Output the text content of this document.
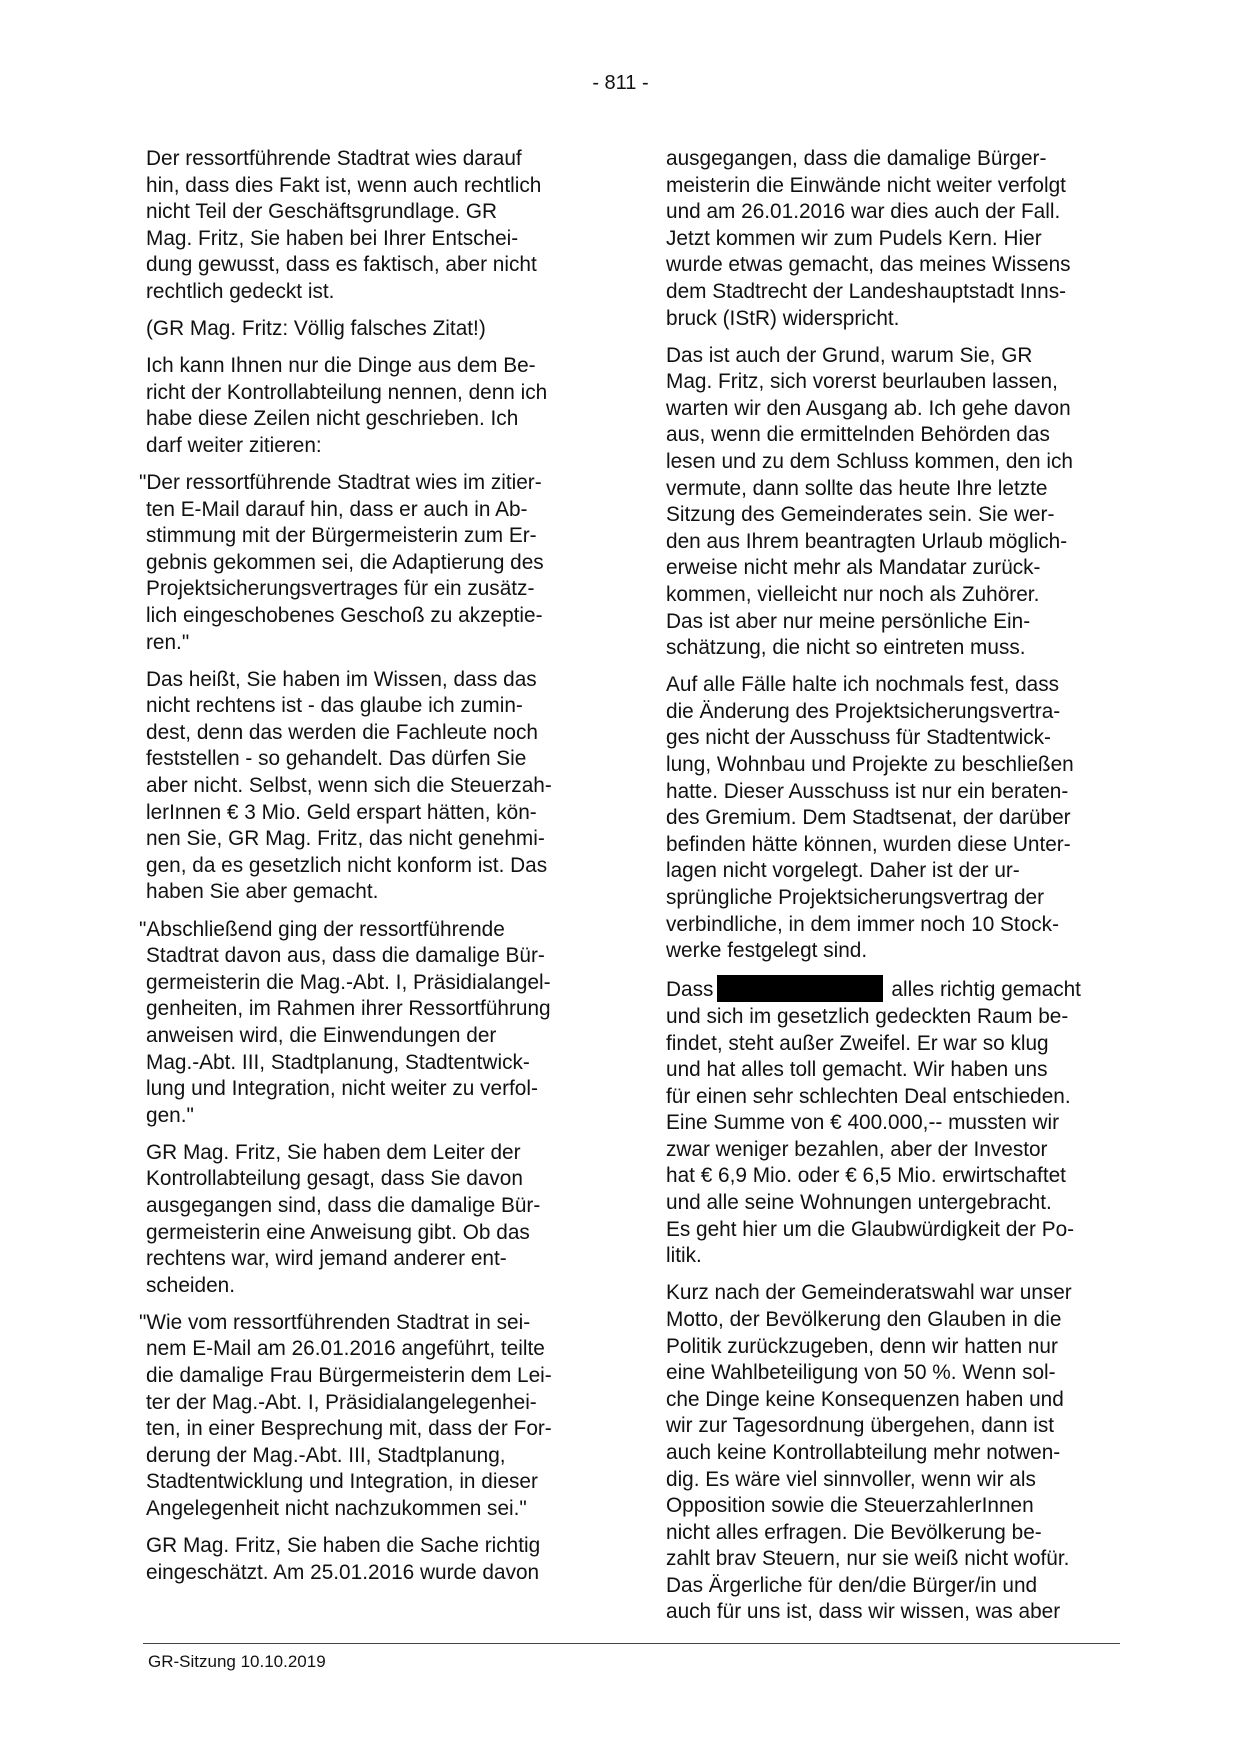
- 811 -

Der ressortführende Stadtrat wies darauf
hin, dass dies Fakt ist, wenn auch rechtlich
nicht Teil der Geschäftsgrundlage. GR
Mag. Fritz, Sie haben bei Ihrer Entschei-
dung gewusst, dass es faktisch, aber nicht
rechtlich gedeckt ist.

(GR Mag. Fritz: Völlig falsches Zitat!)

Ich kann Ihnen nur die Dinge aus dem Be-
richt der Kontrollabteilung nennen, denn ich
habe diese Zeilen nicht geschrieben. Ich
darf weiter zitieren:

"Der ressortführende Stadtrat wies im zitier-
ten E-Mail darauf hin, dass er auch in Ab-
stimmung mit der Bürgermeisterin zum Er-
gebnis gekommen sei, die Adaptierung des
Projektsicherungsvertrages für ein zusätz-
lich eingeschobenes Geschoß zu akzeptie-
ren."

Das heißt, Sie haben im Wissen, dass das
nicht rechtens ist - das glaube ich zumin-
dest, denn das werden die Fachleute noch
feststellen - so gehandelt. Das dürfen Sie
aber nicht. Selbst, wenn sich die Steuerzah-
lerInnen € 3 Mio. Geld erspart hätten, kön-
nen Sie, GR Mag. Fritz, das nicht genehmi-
gen, da es gesetzlich nicht konform ist. Das
haben Sie aber gemacht.

"Abschließend ging der ressortführende
Stadtrat davon aus, dass die damalige Bür-
germeisterin die Mag.-Abt. I, Präsidialangel-
genheiten, im Rahmen ihrer Ressortführung
anweisen wird, die Einwendungen der
Mag.-Abt. III, Stadtplanung, Stadtentwick-
lung und Integration, nicht weiter zu verfol-
gen."

GR Mag. Fritz, Sie haben dem Leiter der
Kontrollabteilung gesagt, dass Sie davon
ausgegangen sind, dass die damalige Bür-
germeisterin eine Anweisung gibt. Ob das
rechtens war, wird jemand anderer ent-
scheiden.

"Wie vom ressortführenden Stadtrat in sei-
nem E-Mail am 26.01.2016 angeführt, teilte
die damalige Frau Bürgermeisterin dem Lei-
ter der Mag.-Abt. I, Präsidialangelegenhei-
ten, in einer Besprechung mit, dass der For-
derung der Mag.-Abt. III, Stadtplanung,
Stadtentwicklung und Integration, in dieser
Angelegenheit nicht nachzukommen sei."

GR Mag. Fritz, Sie haben die Sache richtig
eingeschätzt. Am 25.01.2016 wurde davon

ausgegangen, dass die damalige Bürger-
meisterin die Einwände nicht weiter verfolgt
und am 26.01.2016 war dies auch der Fall.
Jetzt kommen wir zum Pudels Kern. Hier
wurde etwas gemacht, das meines Wissens
dem Stadtrecht der Landeshauptstadt Inns-
bruck (IStR) widerspricht.

Das ist auch der Grund, warum Sie, GR
Mag. Fritz, sich vorerst beurlauben lassen,
warten wir den Ausgang ab. Ich gehe davon
aus, wenn die ermittelnden Behörden das
lesen und zu dem Schluss kommen, den ich
vermute, dann sollte das heute Ihre letzte
Sitzung des Gemeinderates sein. Sie wer-
den aus Ihrem beantragten Urlaub möglich-
erweise nicht mehr als Mandatar zurück-
kommen, vielleicht nur noch als Zuhörer.
Das ist aber nur meine persönliche Ein-
schätzung, die nicht so eintreten muss.

Auf alle Fälle halte ich nochmals fest, dass
die Änderung des Projektsicherungsvertra-
ges nicht der Ausschuss für Stadtentwick-
lung, Wohnbau und Projekte zu beschließen
hatte. Dieser Ausschuss ist nur ein beraten-
des Gremium. Dem Stadtsenat, der darüber
befinden hätte können, wurden diese Unter-
lagen nicht vorgelegt. Daher ist der ur-
sprüngliche Projektsicherungsvertrag der
verbindliche, in dem immer noch 10 Stock-
werke festgelegt sind.

Dass	alles richtig gemacht
und sich im gesetzlich gedeckten Raum be-
findet, steht außer Zweifel. Er war so klug
und hat alles toll gemacht. Wir haben uns
für einen sehr schlechten Deal entschieden.
Eine Summe von € 400.000,-- mussten wir
zwar weniger bezahlen, aber der Investor
hat € 6,9 Mio. oder € 6,5 Mio. erwirtschaftet
und alle seine Wohnungen untergebracht.
Es geht hier um die Glaubwürdigkeit der Po-
litik.

Kurz nach der Gemeinderatswahl war unser
Motto, der Bevölkerung den Glauben in die
Politik zurückzugeben, denn wir hatten nur
eine Wahlbeteiligung von 50 %. Wenn sol-
che Dinge keine Konsequenzen haben und
wir zur Tagesordnung übergehen, dann ist
auch keine Kontrollabteilung mehr notwen-
dig. Es wäre viel sinnvoller, wenn wir als
Opposition sowie die SteuerzahlerInnen
nicht alles erfragen. Die Bevölkerung be-
zahlt brav Steuern, nur sie weiß nicht wofür.
Das Ärgerliche für den/die Bürger/in und
auch für uns ist, dass wir wissen, was aber

GR-Sitzung 10.10.2019
